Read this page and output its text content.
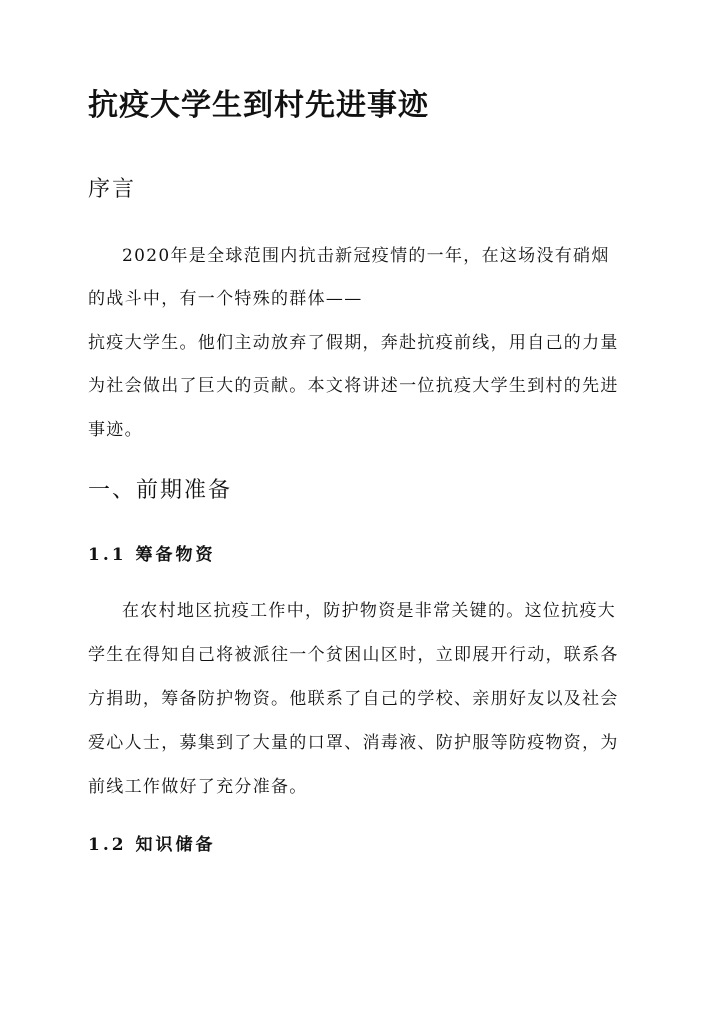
抗疫大学生到村先进事迹
序言

2020年是全球范围内抗击新冠疫情的一年，在这场没有硝烟

的战斗中，有一个特殊的群体——

抗疫大学生。他们主动放弃了假期，奔赴抗疫前线，用自己的力量

为社会做出了巨大的贡献。本文将讲述一位抗疫大学生到村的先进

事迹。

一、前期准备
1.1 筹备物资

在农村地区抗疫工作中，防护物资是非常关键的。这位抗疫大

学生在得知自己将被派往一个贫困山区时，立即展开行动，联系各

方捐助，筹备防护物资。他联系了自己的学校、亲朋好友以及社会

爱心人士，募集到了大量的口罩、消毒液、防护服等防疫物资，为

前线工作做好了充分准备。

1.2 知识储备
